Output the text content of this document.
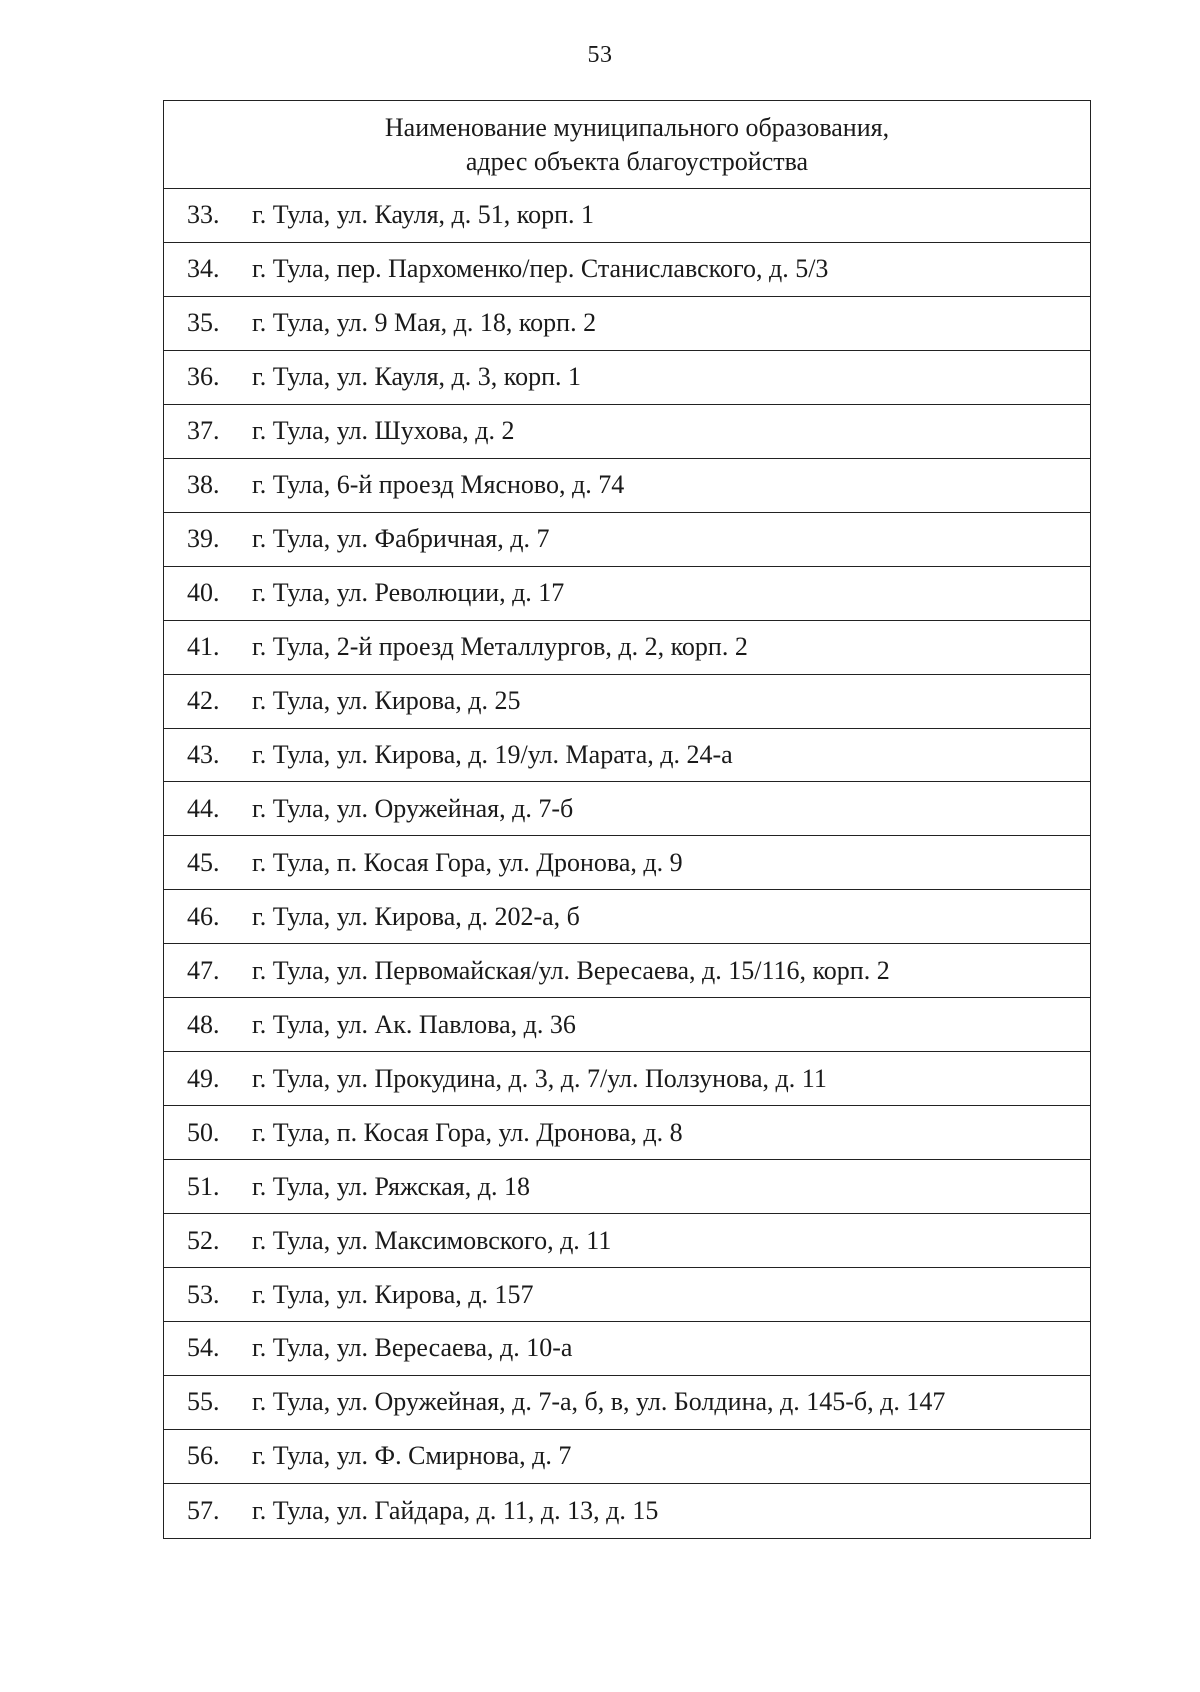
53
Наименование муниципального образования,
адрес объекта благоустройства
33.	г. Тула, ул. Кауля, д. 51, корп. 1
34.	г. Тула, пер. Пархоменко/пер. Станиславского, д. 5/3
35.	г. Тула, ул. 9 Мая, д. 18, корп. 2
36.	г. Тула, ул. Кауля, д. 3, корп. 1
37.	г. Тула, ул. Шухова, д. 2
38.	г. Тула, 6-й проезд Мясново, д. 74
39.	г. Тула, ул. Фабричная, д. 7
40.	г. Тула, ул. Революции, д. 17
41.	г. Тула, 2-й проезд Металлургов, д. 2, корп. 2
42.	г. Тула, ул. Кирова, д. 25
43.	г. Тула, ул. Кирова, д. 19/ул. Марата, д. 24-а
44.	г. Тула, ул. Оружейная, д. 7-б
45.	г. Тула, п. Косая Гора, ул. Дронова, д. 9
46.	г. Тула, ул. Кирова, д. 202-а, б
47.	г. Тула, ул. Первомайская/ул. Вересаева, д. 15/116, корп. 2
48.	г. Тула, ул. Ак. Павлова, д. 36
49.	г. Тула, ул. Прокудина, д. 3, д. 7/ул. Ползунова, д. 11
50.	г. Тула, п. Косая Гора, ул. Дронова, д. 8
51.	г. Тула, ул. Ряжская, д. 18
52.	г. Тула, ул. Максимовского, д. 11
53.	г. Тула, ул. Кирова, д. 157
54.	г. Тула, ул. Вересаева, д. 10-а
55.	г. Тула, ул. Оружейная, д. 7-а, б, в, ул. Болдина, д. 145-б, д. 147
56.	г. Тула, ул. Ф. Смирнова, д. 7
57.	г. Тула, ул. Гайдара, д. 11, д. 13, д. 15
